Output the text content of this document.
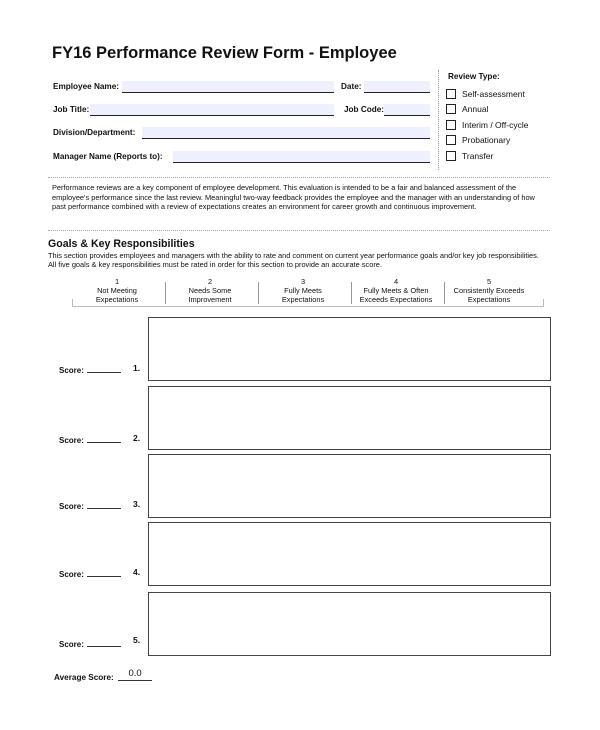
FY16 Performance Review Form - Employee
Employee Name:	Date:
Job Title:	Job Code:
Division/Department:
Manager Name (Reports to):
Review Type:
Self-assessment
Annual
Interim / Off-cycle
Probationary
Transfer
Performance reviews are a key component of employee development. This evaluation is intended to be a fair and balanced assessment of the employee's performance since the last review. Meaningful two-way feedback provides the employee and the manager with an understanding of how past performance combined with a review of expectations creates an environment for career growth and continuous improvement.
Goals & Key Responsibilities
This section provides employees and managers with the ability to rate and comment on current year performance goals and/or key job responsibilities. All five goals & key responsibilities must be rated in order for this section to provide an accurate score.
1
Not Meeting
Expectations
2
Needs Some
Improvement
3
Fully Meets
Expectations
4
Fully Meets & Often
Exceeds Expectations
5
Consistently Exceeds
Expectations
Score:	1.
Score:	2.
Score:	3.
Score:	4.
Score:	5.
Average Score: 0.0
